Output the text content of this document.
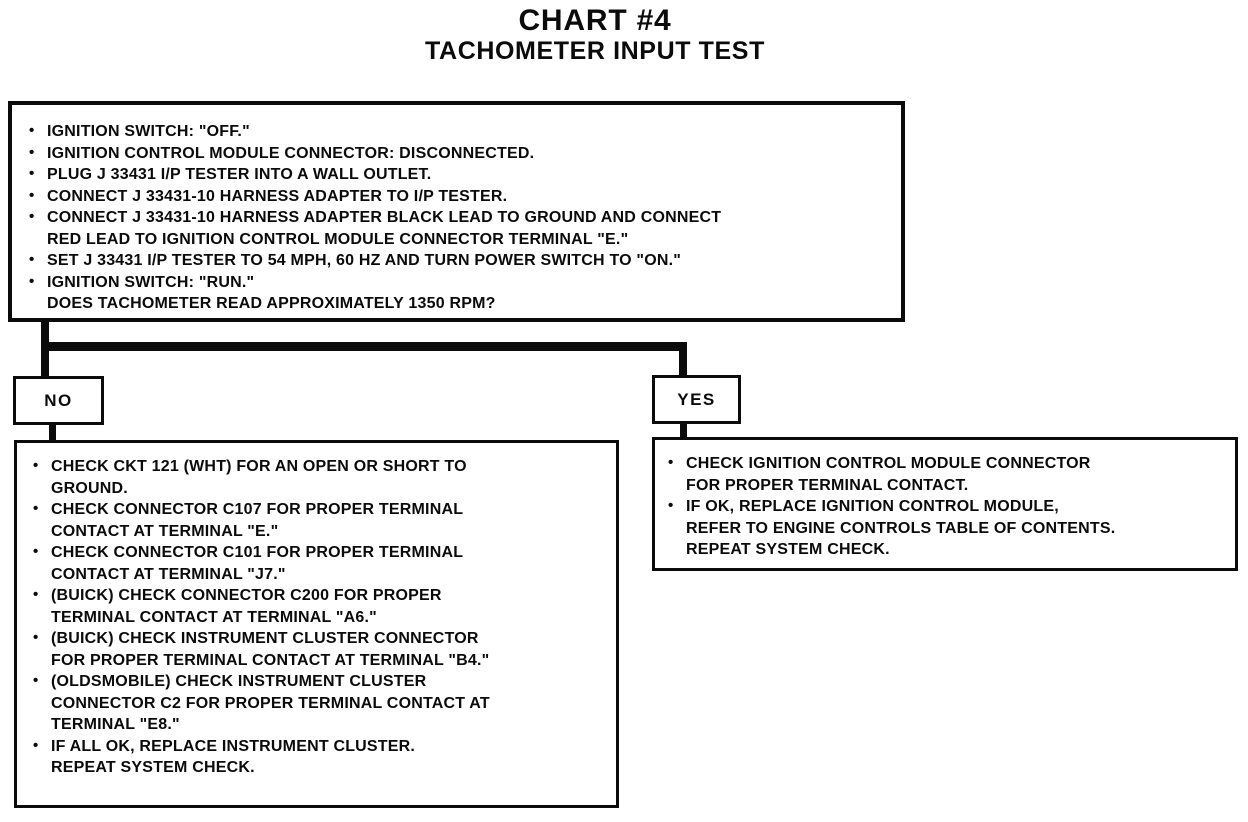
CHART #4
TACHOMETER INPUT TEST
• IGNITION SWITCH: "OFF."
• IGNITION CONTROL MODULE CONNECTOR: DISCONNECTED.
• PLUG J 33431 I/P TESTER INTO A WALL OUTLET.
• CONNECT J 33431-10 HARNESS ADAPTER TO I/P TESTER.
• CONNECT J 33431-10 HARNESS ADAPTER BLACK LEAD TO GROUND AND CONNECT
RED LEAD TO IGNITION CONTROL MODULE CONNECTOR TERMINAL "E."
• SET J 33431 I/P TESTER TO 54 MPH, 60 HZ AND TURN POWER SWITCH TO "ON."
• IGNITION SWITCH: "RUN."
DOES TACHOMETER READ APPROXIMATELY 1350 RPM?
NO	YES
• CHECK CKT 121 (WHT) FOR AN OPEN OR SHORT TO
GROUND.
• CHECK CONNECTOR C107 FOR PROPER TERMINAL
CONTACT AT TERMINAL "E."
• CHECK CONNECTOR C101 FOR PROPER TERMINAL
CONTACT AT TERMINAL "J7."
• (BUICK) CHECK CONNECTOR C200 FOR PROPER
TERMINAL CONTACT AT TERMINAL "A6."
• (BUICK) CHECK INSTRUMENT CLUSTER CONNECTOR
FOR PROPER TERMINAL CONTACT AT TERMINAL "B4."
• (OLDSMOBILE) CHECK INSTRUMENT CLUSTER
CONNECTOR C2 FOR PROPER TERMINAL CONTACT AT
TERMINAL "E8."
• IF ALL OK, REPLACE INSTRUMENT CLUSTER.
REPEAT SYSTEM CHECK.
• CHECK IGNITION CONTROL MODULE CONNECTOR
FOR PROPER TERMINAL CONTACT.
• IF OK, REPLACE IGNITION CONTROL MODULE,
REFER TO ENGINE CONTROLS TABLE OF CONTENTS.
REPEAT SYSTEM CHECK.
